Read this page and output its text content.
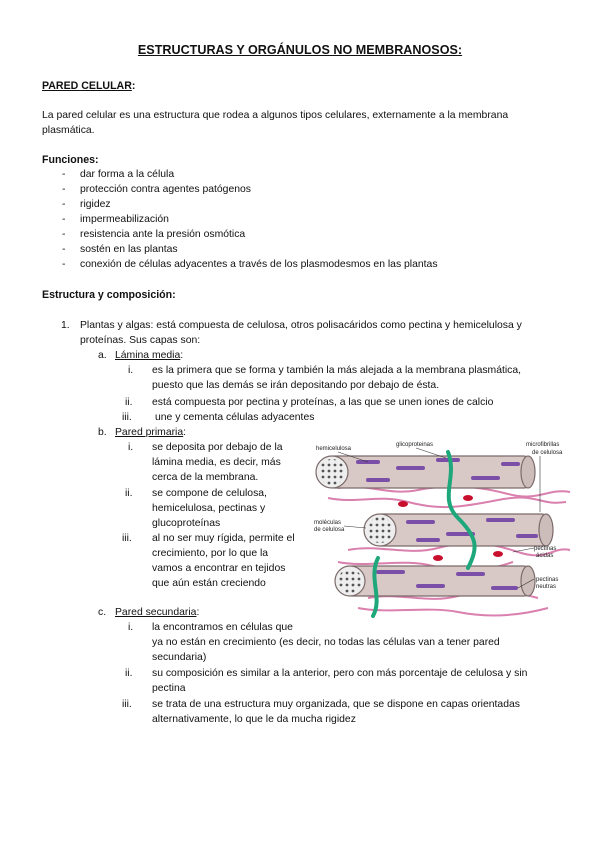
ESTRUCTURAS Y ORGÁNULOS NO MEMBRANOSOS:
PARED CELULAR:
La pared celular es una estructura que rodea a algunos tipos celulares, externamente a la membrana
plasmática.
Funciones:
- dar forma a la célula
- protección contra agentes patógenos
- rigidez
- impermeabilización
- resistencia ante la presión osmótica
- sostén en las plantas
- conexión de células adyacentes a través de los plasmodesmos en las plantas
Estructura y composición:
1. Plantas y algas: está compuesta de celulosa, otros polisacáridos como pectina y hemicelulosa y
proteínas. Sus capas son:
a. Lámina media:
i. es la primera que se forma y también la más alejada a la membrana plasmática,
puesto que las demás se irán depositando por debajo de ésta.
ii. está compuesta por pectina y proteínas, a las que se unen iones de calcio
iii. une y cementa células adyacentes
b. Pared primaria:
i. se deposita por debajo de la
lámina media, es decir, más
cerca de la membrana.
ii. se compone de celulosa,
hemicelulosa, pectinas y
glucoproteínas
iii. al no ser muy rígida, permite el
crecimiento, por lo que la
vamos a encontrar en tejidos
que aún están creciendo
c. Pared secundaria:
i. la encontramos en células que
ya no están en crecimiento (es decir, no todas las células van a tener pared
secundaria)
ii. su composición es similar a la anterior, pero con más porcentaje de celulosa y sin
pectina
iii. se trata de una estructura muy organizada, que se dispone en capas orientadas
alternativamente, lo que le da mucha rigidez
hemicelulosa
glicoproteinas	microfibrillas
de celulosa
moléculas
de celulosa
pectinas
ácidas
pectinas
neutras
